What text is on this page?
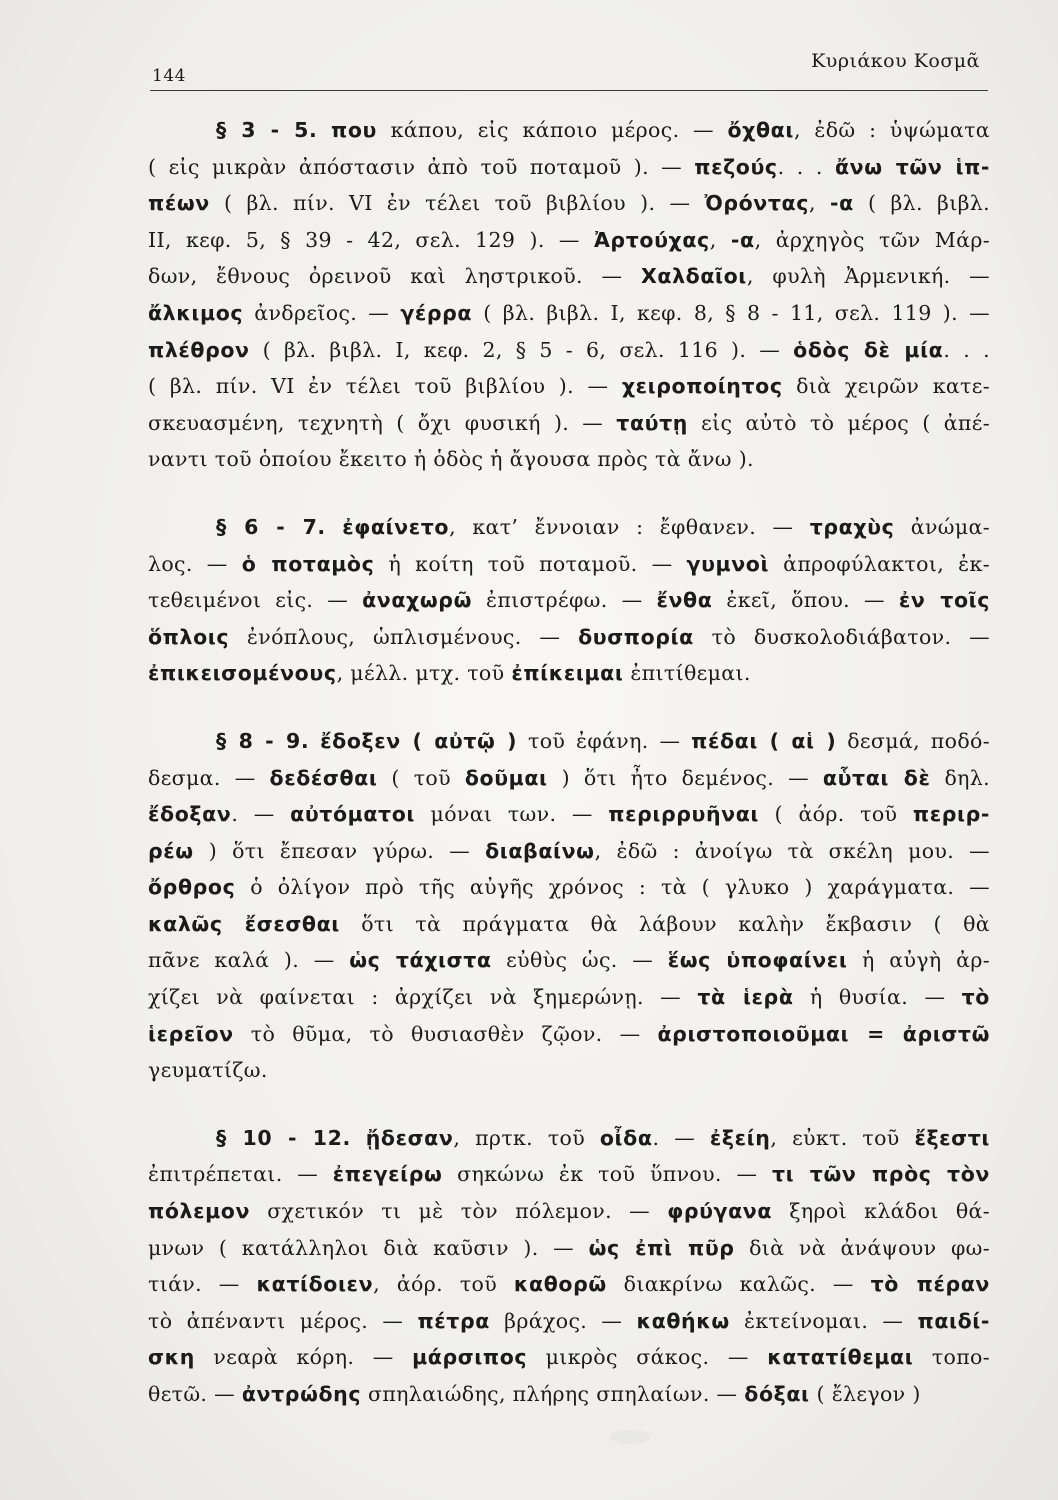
144
Κυριάκου Κοσμᾶ
§ 3 - 5. που κάπου, εἰς κάποιο μέρος. — ὄχθαι, ἐδῶ : ὑψώματα
( εἰς μικρὰν ἀπόστασιν ἀπὸ τοῦ ποταμοῦ ). — πεζούς. . . ἄνω τῶν ἱπ-
πέων ( βλ. πίν. VI ἐν τέλει τοῦ βιβλίου ). — Ὀρόντας, -α ( βλ. βιβλ.
II, κεφ. 5, § 39 - 42, σελ. 129 ). — Ἀρτούχας, -α, ἀρχηγὸς τῶν Μάρ-
δων, ἔθνους ὀρεινοῦ καὶ ληστρικοῦ. — Χαλδαῖοι, φυλὴ Ἀρμενική. —
ἄλκιμος ἀνδρεῖος. — γέρρα ( βλ. βιβλ. I, κεφ. 8, § 8 - 11, σελ. 119 ). —
πλέθρον ( βλ. βιβλ. I, κεφ. 2, § 5 - 6, σελ. 116 ). — ὁδὸς δὲ μία. . .
( βλ. πίν. VI ἐν τέλει τοῦ βιβλίου ). — χειροποίητος διὰ χειρῶν κατε-
σκευασμένη, τεχνητὴ ( ὄχι φυσική ). — ταύτῃ εἰς αὐτὸ τὸ μέρος ( ἀπέ-
ναντι τοῦ ὁποίου ἔκειτο ἡ ὁδὸς ἡ ἄγουσα πρὸς τὰ ἄνω ).
§ 6 - 7. ἐφαίνετο, κατ’ ἔννοιαν : ἔφθανεν. — τραχὺς ἀνώμα-
λος. — ὁ ποταμὸς ἡ κοίτη τοῦ ποταμοῦ. — γυμνοὶ ἀπροφύλακτοι, ἐκ-
τεθειμένοι εἰς. — ἀναχωρῶ ἐπιστρέφω. — ἔνθα ἐκεῖ, ὅπου. — ἐν τοῖς
ὅπλοις ἐνόπλους, ὡπλισμένους. — δυσπορία τὸ δυσκολοδιάβατον. —
ἐπικεισομένους, μέλλ. μτχ. τοῦ ἐπίκειμαι ἐπιτίθεμαι.
§ 8 - 9. ἔδοξεν ( αὐτῷ ) τοῦ ἐφάνη. — πέδαι ( αἱ ) δεσμά, ποδό-
δεσμα. — δεδέσθαι ( τοῦ δοῦμαι ) ὅτι ἦτο δεμένος. — αὗται δὲ δηλ.
ἔδοξαν. — αὐτόματοι μόναι των. — περιρρυῆναι ( ἀόρ. τοῦ περιρ-
ρέω ) ὅτι ἔπεσαν γύρω. — διαβαίνω, ἐδῶ : ἀνοίγω τὰ σκέλη μου. —
ὄρθρος ὁ ὀλίγον πρὸ τῆς αὐγῆς χρόνος : τὰ ( γλυκο ) χαράγματα. —
καλῶς ἔσεσθαι ὅτι τὰ πράγματα θὰ λάβουν καλὴν ἔκβασιν ( θὰ
πᾶνε καλά ). — ὡς τάχιστα εὐθὺς ὡς. — ἕως ὑποφαίνει ἡ αὐγὴ ἀρ-
χίζει νὰ φαίνεται : ἀρχίζει νὰ ξημερώνῃ. — τὰ ἱερὰ ἡ θυσία. — τὸ
ἱερεῖον τὸ θῦμα, τὸ θυσιασθὲν ζῷον. — ἀριστοποιοῦμαι = ἀριστῶ
γευματίζω.
§ 10 - 12. ᾔδεσαν, πρτκ. τοῦ οἶδα. — ἐξείη, εὐκτ. τοῦ ἔξεστι
ἐπιτρέπεται. — ἐπεγείρω σηκώνω ἐκ τοῦ ὕπνου. — τι τῶν πρὸς τὸν
πόλεμον σχετικόν τι μὲ τὸν πόλεμον. — φρύγανα ξηροὶ κλάδοι θά-
μνων ( κατάλληλοι διὰ καῦσιν ). — ὡς ἐπὶ πῦρ διὰ νὰ ἀνάψουν φω-
τιάν. — κατίδοιεν, ἀόρ. τοῦ καθορῶ διακρίνω καλῶς. — τὸ πέραν
τὸ ἀπέναντι μέρος. — πέτρα βράχος. — καθήκω ἐκτείνομαι. — παιδί-
σκη νεαρὰ κόρη. — μάρσιπος μικρὸς σάκος. — κατατίθεμαι τοπο-
θετῶ. — ἀντρώδης σπηλαιώδης, πλήρης σπηλαίων. — δόξαι ( ἔλεγον )
